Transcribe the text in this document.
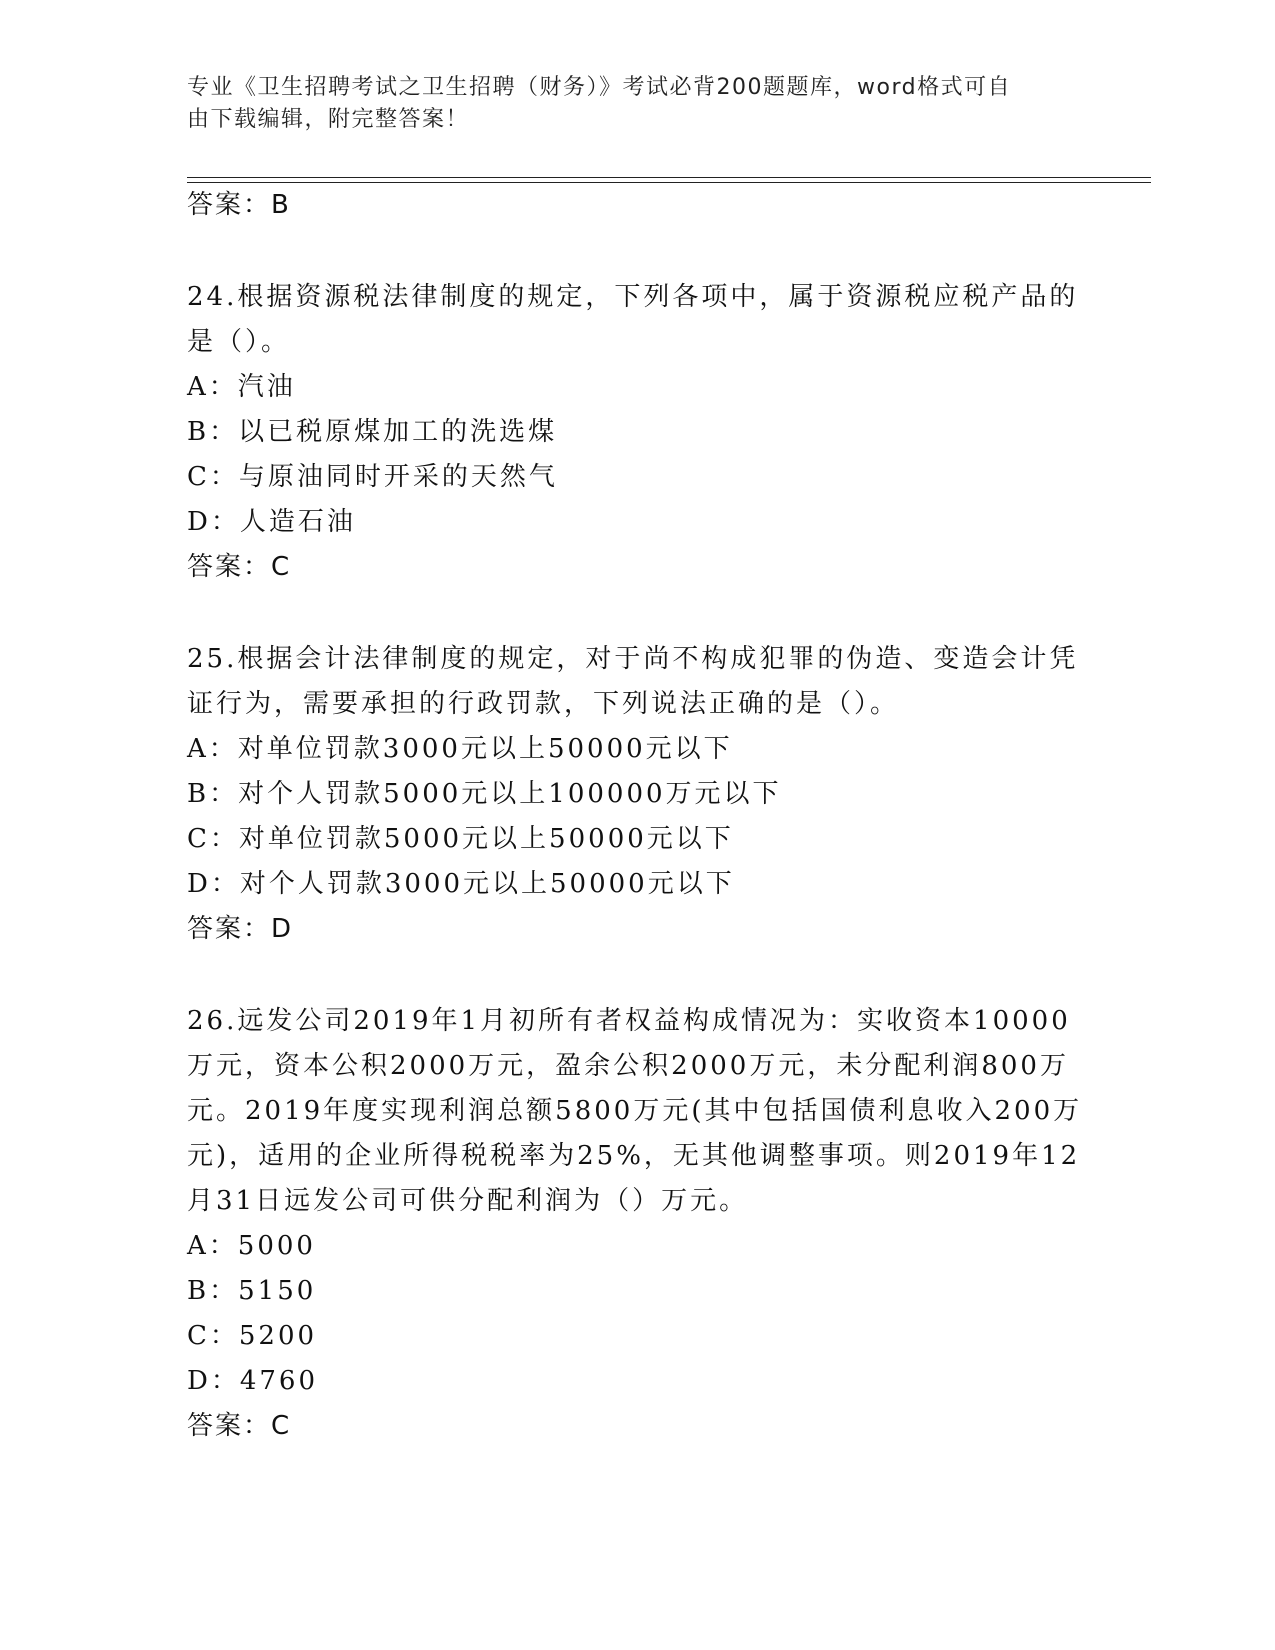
专业《卫生招聘考试之卫生招聘（财务）》考试必背200题题库，word格式可自
由下载编辑，附完整答案！
答案：B
24.根据资源税法律制度的规定，下列各项中，属于资源税应税产品的
是（）。
A：汽油
B：以已税原煤加工的洗选煤
C：与原油同时开采的天然气
D：人造石油
答案：C
25.根据会计法律制度的规定，对于尚不构成犯罪的伪造、变造会计凭
证行为，需要承担的行政罚款，下列说法正确的是（）。
A：对单位罚款3000元以上50000元以下
B：对个人罚款5000元以上100000万元以下
C：对单位罚款5000元以上50000元以下
D：对个人罚款3000元以上50000元以下
答案：D
26.远发公司2019年1月初所有者权益构成情况为：实收资本10000
万元，资本公积2000万元，盈余公积2000万元，未分配利润800万
元。2019年度实现利润总额5800万元(其中包括国债利息收入200万
元)，适用的企业所得税税率为25%，无其他调整事项。则2019年12
月31日远发公司可供分配利润为（）万元。
A：5000
B：5150
C：5200
D：4760
答案：C
